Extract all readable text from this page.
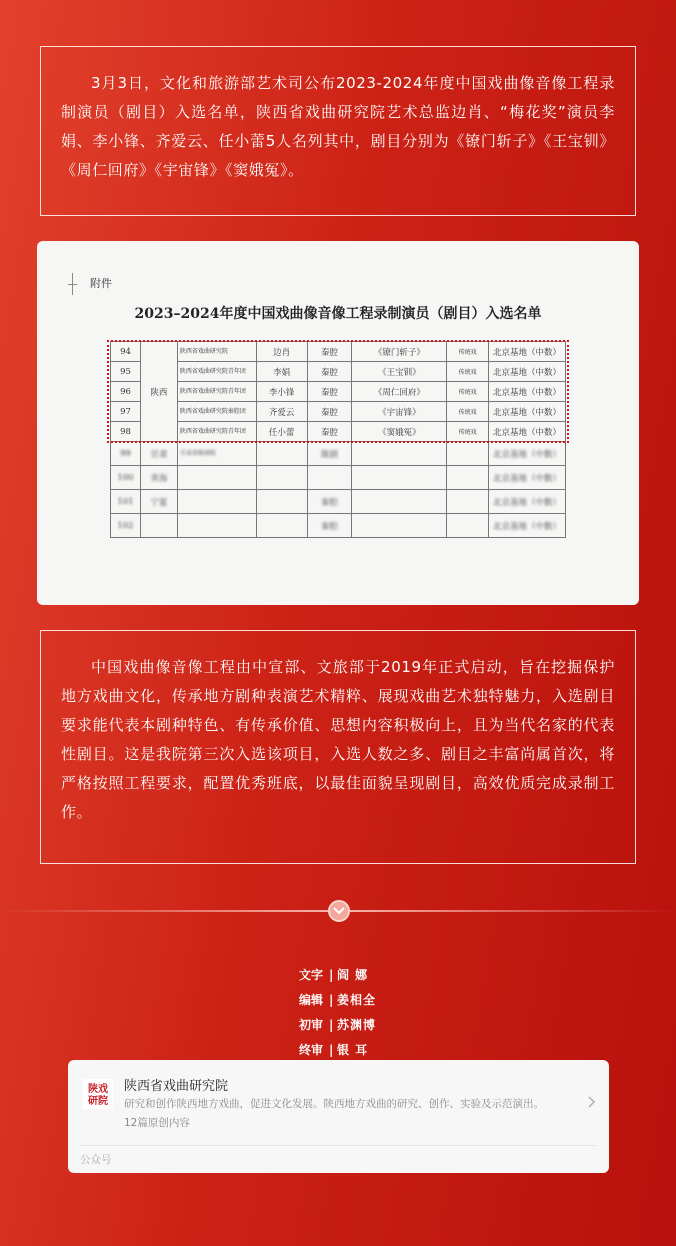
3月3日，文化和旅游部艺术司公布2023-2024年度中国戏曲像音像工程录制演员（剧目）入选名单，陕西省戏曲研究院艺术总监边肖、“梅花奖”演员李娟、李小锋、齐爱云、任小蕾5人名列其中，剧目分别为《镣门斩子》《王宝钏》《周仁回府》《宇宙锋》《窦娥冤》。

附件
2023–2024年度中国戏曲像音像工程录制演员（剧目）入选名单
94	陕西	陕西省戏曲研究院	边肖	秦腔	《镣门斩子》	传统戏	北京基地（中数）
95		陕西省戏曲研究院青年团	李娟	秦腔	《王宝钏》	传统戏	北京基地（中数）
96		陕西省戏曲研究院青年团	李小锋	秦腔	《周仁回府》	传统戏	北京基地（中数）
97		陕西省戏曲研究院秦腔团	齐爱云	秦腔	《宇宙锋》	传统戏	北京基地（中数）
98		陕西省戏曲研究院青年团	任小蕾	秦腔	《窦娥冤》	传统戏	北京基地（中数）
99	甘肃	甘肃省陇剧院		陇剧			北京基地（中数）
100	青海						北京基地（中数）
101	宁夏			秦腔			北京基地（中数）
102				秦腔			北京基地（中数）

中国戏曲像音像工程由中宣部、文旅部于2019年正式启动，旨在挖掘保护地方戏曲文化，传承地方剧种表演艺术精粹、展现戏曲艺术独特魅力，入选剧目要求能代表本剧种特色、有传承价值、思想内容积极向上，且为当代名家的代表性剧目。这是我院第三次入选该项目，入选人数之多、剧目之丰富尚属首次，将严格按照工程要求，配置优秀班底，以最佳面貌呈现剧目，高效优质完成录制工作。

文字 | 阎 娜
编辑 | 姜相全
初审 | 苏渊博
终审 | 银 耳
陕戏
研院
陕西省戏曲研究院
研究和创作陕西地方戏曲，促进文化发展。陕西地方戏曲的研究、创作、实验及示范演出。
12篇原创内容
公众号
